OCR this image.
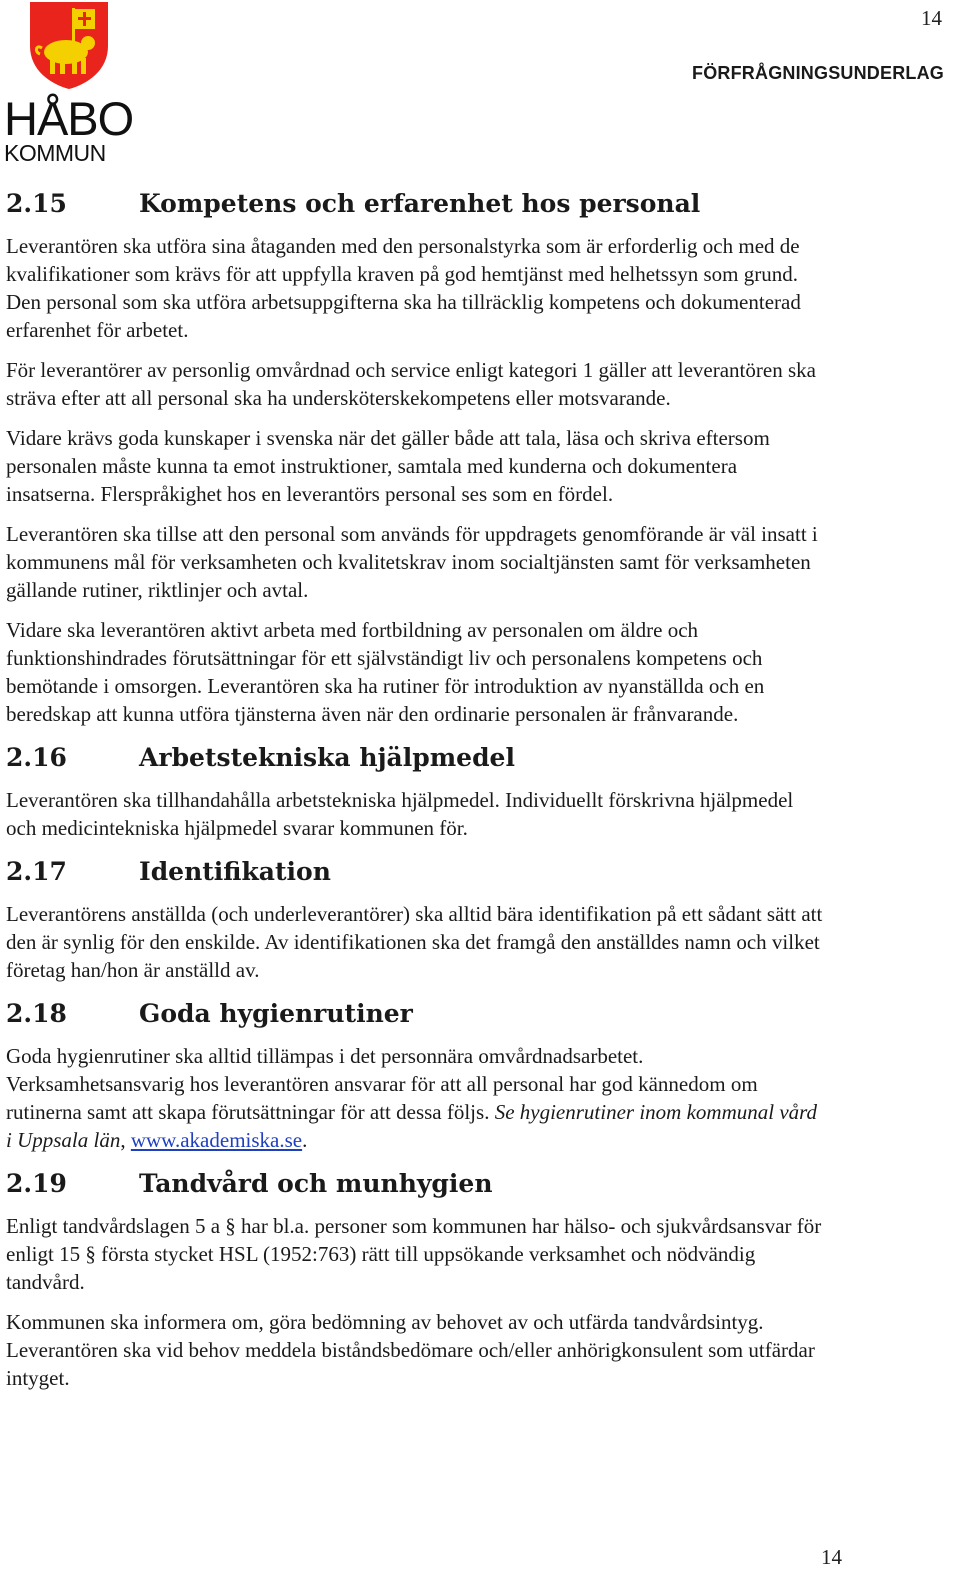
14
FÖRFRÅGNINGSUNDERLAG
HÅBO
KOMMUN
2.15	Kompetens och erfarenhet hos personal

Leverantören ska utföra sina åtaganden med den personalstyrka som är erforderlig och med de kvalifikationer som krävs för att uppfylla kraven på god hemtjänst med helhetssyn som grund. Den personal som ska utföra arbetsuppgifterna ska ha tillräcklig kompetens och dokumenterad erfarenhet för arbetet.

För leverantörer av personlig omvårdnad och service enligt kategori 1 gäller att leverantören ska sträva efter att all personal ska ha undersköterskekompetens eller motsvarande.

Vidare krävs goda kunskaper i svenska när det gäller både att tala, läsa och skriva eftersom personalen måste kunna ta emot instruktioner, samtala med kunderna och dokumentera insatserna. Flerspråkighet hos en leverantörs personal ses som en fördel.

Leverantören ska tillse att den personal som används för uppdragets genomförande är väl insatt i kommunens mål för verksamheten och kvalitetskrav inom socialtjänsten samt för verksamheten gällande rutiner, riktlinjer och avtal.

Vidare ska leverantören aktivt arbeta med fortbildning av personalen om äldre och funktionshindrades förutsättningar för ett självständigt liv och personalens kompetens och bemötande i omsorgen. Leverantören ska ha rutiner för introduktion av nyanställda och en beredskap att kunna utföra tjänsterna även när den ordinarie personalen är frånvarande.

2.16	Arbetstekniska hjälpmedel

Leverantören ska tillhandahålla arbetstekniska hjälpmedel. Individuellt förskrivna hjälpmedel och medicintekniska hjälpmedel svarar kommunen för.

2.17	Identifikation

Leverantörens anställda (och underleverantörer) ska alltid bära identifikation på ett sådant sätt att den är synlig för den enskilde. Av identifikationen ska det framgå den anställdes namn och vilket företag han/hon är anställd av.

2.18	Goda hygienrutiner

Goda hygienrutiner ska alltid tillämpas i det personnära omvårdnadsarbetet. Verksamhetsansvarig hos leverantören ansvarar för att all personal har god kännedom om rutinerna samt att skapa förutsättningar för att dessa följs. Se hygienrutiner inom kommunal vård i Uppsala län, www.akademiska.se.

2.19	Tandvård och munhygien

Enligt tandvårdslagen 5 a § har bl.a. personer som kommunen har hälso- och sjukvårdsansvar för enligt 15 § första stycket HSL (1952:763) rätt till uppsökande verksamhet och nödvändig tandvård.

Kommunen ska informera om, göra bedömning av behovet av och utfärda tandvårdsintyg. Leverantören ska vid behov meddela biståndsbedömare och/eller anhörigkonsulent som utfärdar intyget.

14
